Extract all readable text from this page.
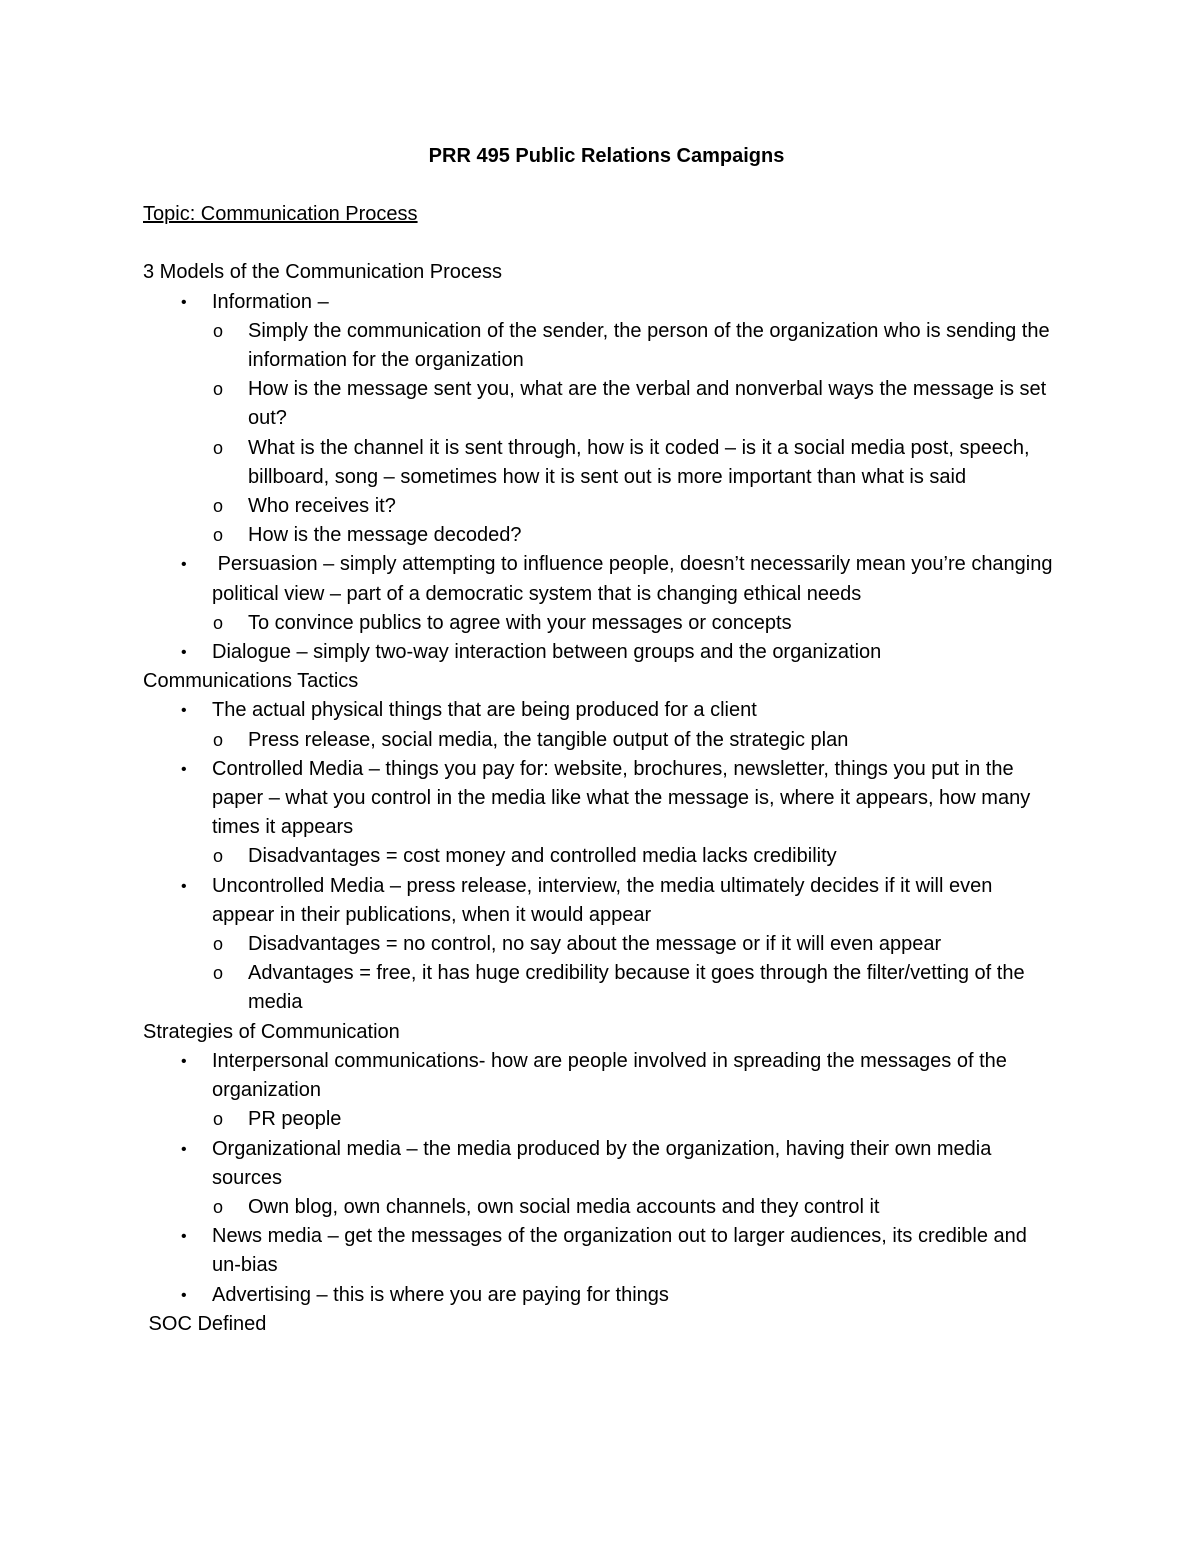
PRR 495 Public Relations Campaigns

Topic: Communication Process

3 Models of the Communication Process

• Information –
o Simply the communication of the sender, the person of the organization who is sending the information for the organization
o How is the message sent you, what are the verbal and nonverbal ways the message is set out?
o What is the channel it is sent through, how is it coded – is it a social media post, speech, billboard, song – sometimes how it is sent out is more important than what is said
o Who receives it?
o How is the message decoded?
• Persuasion – simply attempting to influence people, doesn’t necessarily mean you’re changing political view – part of a democratic system that is changing ethical needs
o To convince publics to agree with your messages or concepts
• Dialogue – simply two-way interaction between groups and the organization

Communications Tactics

• The actual physical things that are being produced for a client
o Press release, social media, the tangible output of the strategic plan
• Controlled Media – things you pay for: website, brochures, newsletter, things you put in the paper – what you control in the media like what the message is, where it appears, how many times it appears
o Disadvantages = cost money and controlled media lacks credibility
• Uncontrolled Media – press release, interview, the media ultimately decides if it will even appear in their publications, when it would appear
o Disadvantages = no control, no say about the message or if it will even appear
o Advantages = free, it has huge credibility because it goes through the filter/vetting of the media

Strategies of Communication

• Interpersonal communications- how are people involved in spreading the messages of the organization
o PR people
• Organizational media – the media produced by the organization, having their own media sources
o Own blog, own channels, own social media accounts and they control it
• News media – get the messages of the organization out to larger audiences, its credible and un-bias
• Advertising – this is where you are paying for things

SOC Defined
